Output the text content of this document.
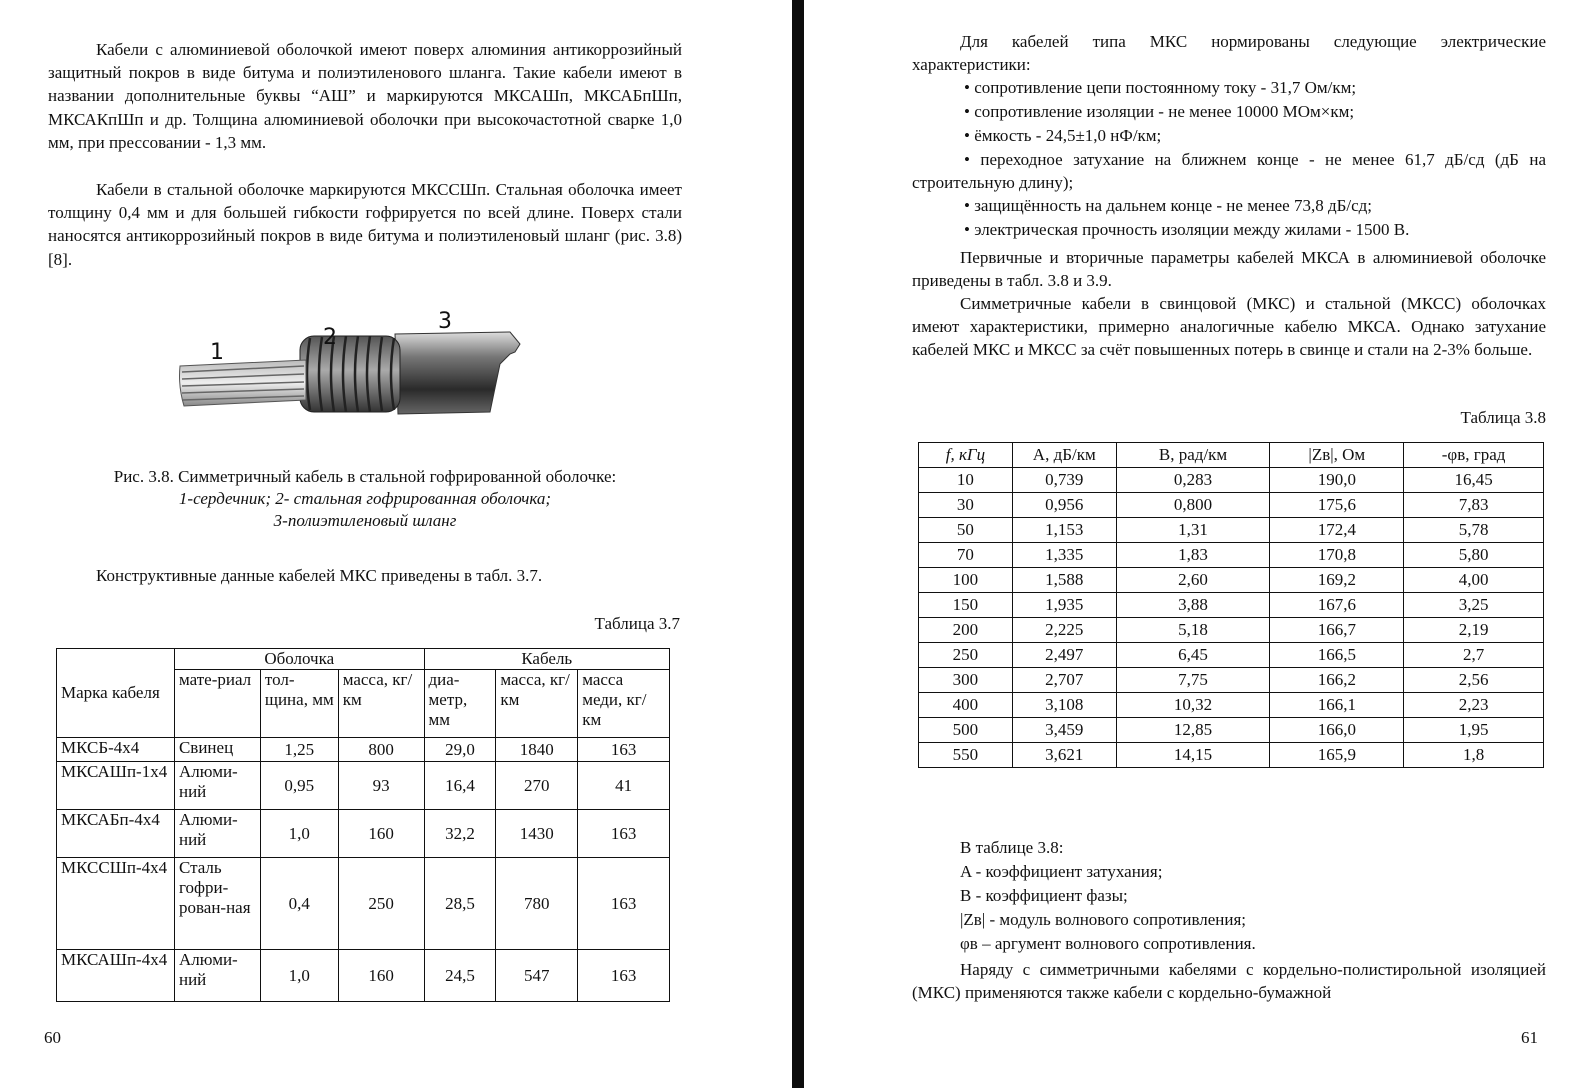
Кабели с алюминиевой оболочкой имеют поверх алюминия антикоррозийный защитный покров в виде битума и полиэтиленового шланга. Такие кабели имеют в названии дополнительные буквы “АШ” и маркируются МКСАШп, МКСАБпШп, МКСАКпШп и др. Толщина алюминиевой оболочки при высокочастотной сварке 1,0 мм, при прессовании - 1,3 мм.

Кабели в стальной оболочке маркируются МКССШп. Стальная оболочка имеет толщину 0,4 мм и для большей гибкости гофрируется по всей длине. Поверх стали наносятся антикоррозийный покров в виде битума и полиэтиленовый шланг (рис. 3.8) [8].

1
2
3
Рис. 3.8. Симметричный кабель в стальной гофрированной оболочке:
1-сердечник; 2- стальная гофрированная оболочка;
3-полиэтиленовый шланг

Конструктивные данные кабелей МКС приведены в табл. 3.7.

Таблица 3.7
Марка кабеля	Оболочка			Кабель		
	мате-риал	тол-щина, мм	масса, кг/км	диа-метр, мм	масса, кг/ км	масса меди, кг/км
МКСБ-4х4	Свинец	1,25	800	29,0	1840	163
МКСАШп-1х4	Алюми-ний	0,95	93	16,4	270	41
МКСАБп-4х4	Алюми-ний	1,0	160	32,2	1430	163
МКССШп-4х4	Сталь гофри-рован-ная	0,4	250	28,5	780	163
МКСАШп-4х4	Алюми-ний	1,0	160	24,5	547	163
60

Для кабелей типа МКС нормированы следующие электрические характеристики:

• сопротивление цепи постоянному току - 31,7 Ом/км;
• сопротивление изоляции - не менее 10000 МОм×км;
• ёмкость - 24,5±1,0 нФ/км;
• переходное затухание на ближнем конце - не менее 61,7 дБ/сд (дБ на строительную длину);
• защищённость на дальнем конце - не менее 73,8 дБ/сд;
• электрическая прочность изоляции между жилами - 1500 В.

Первичные и вторичные параметры кабелей МКСА в алюминиевой оболочке приведены в табл. 3.8 и 3.9.

Симметричные кабели в свинцовой (МКС) и стальной (МКСС) оболочках имеют характеристики, примерно аналогичные кабелю МКСА. Однако затухание кабелей МКС и МКСС за счёт повышенных потерь в свинце и стали на 2-3% больше.

Таблица 3.8
f, кГц	A, дБ/км	B, рад/км	|Zв|, Ом	-φв, град
10	0,739	0,283	190,0	16,45
30	0,956	0,800	175,6	7,83
50	1,153	1,31	172,4	5,78
70	1,335	1,83	170,8	5,80
100	1,588	2,60	169,2	4,00
150	1,935	3,88	167,6	3,25
200	2,225	5,18	166,7	2,19
250	2,497	6,45	166,5	2,7
300	2,707	7,75	166,2	2,56
400	3,108	10,32	166,1	2,23
500	3,459	12,85	166,0	1,95
550	3,621	14,15	165,9	1,8
В таблице 3.8:
A - коэффициент затухания;
B - коэффициент фазы;
|Zв| - модуль волнового сопротивления;
φв – аргумент волнового сопротивления.

Наряду с симметричными кабелями с кордельно-полистирольной изоляцией (МКС) применяются также кабели с кордельно-бумажной

61
